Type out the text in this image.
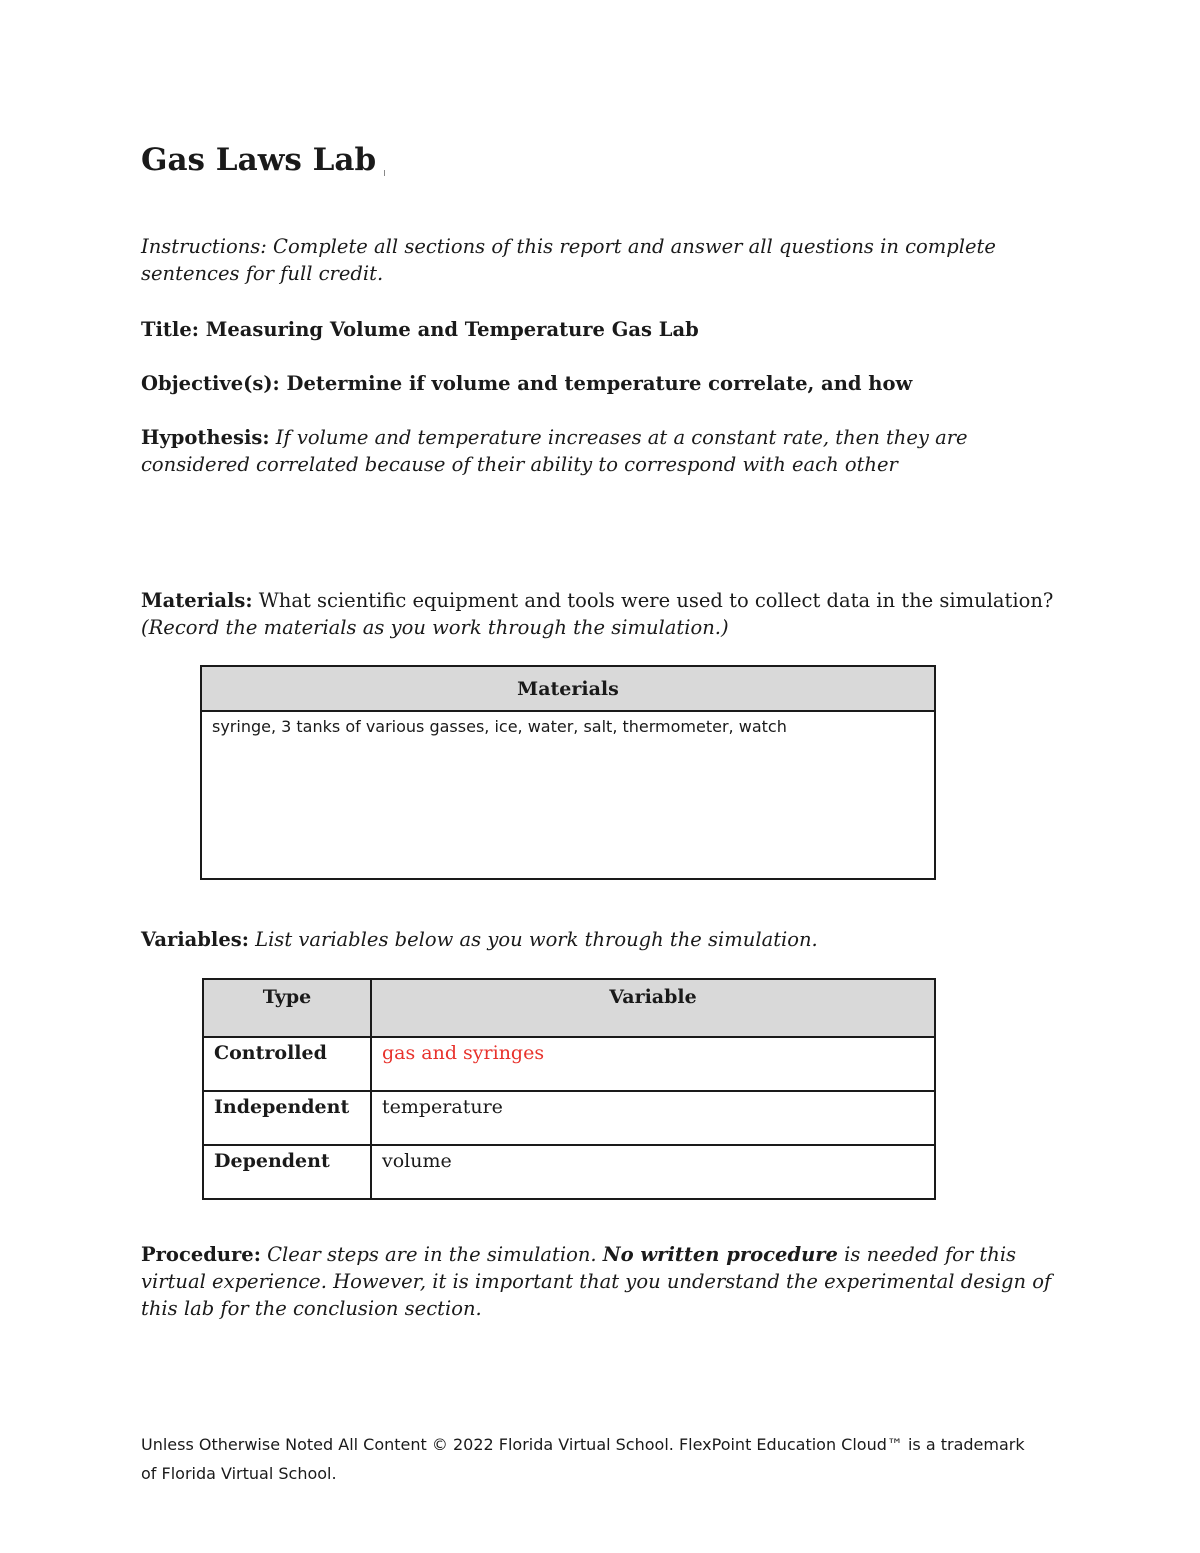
Gas Laws Lab

Instructions: Complete all sections of this report and answer all questions in complete sentences for full credit.

Title: Measuring Volume and Temperature Gas Lab

Objective(s): Determine if volume and temperature correlate, and how

Hypothesis: If volume and temperature increases at a constant rate, then they are considered correlated because of their ability to correspond with each other

Materials: What scientific equipment and tools were used to collect data in the simulation? (Record the materials as you work through the simulation.)

Materials
syringe, 3 tanks of various gasses, ice, water, salt, thermometer, watch

Variables: List variables below as you work through the simulation.

Type	Variable
Controlled	gas and syringes
Independent	temperature
Dependent	volume

Procedure: Clear steps are in the simulation. No written procedure is needed for this virtual experience. However, it is important that you understand the experimental design of this lab for the conclusion section.

Unless Otherwise Noted All Content © 2022 Florida Virtual School. FlexPoint Education Cloud™ is a trademark of Florida Virtual School.
